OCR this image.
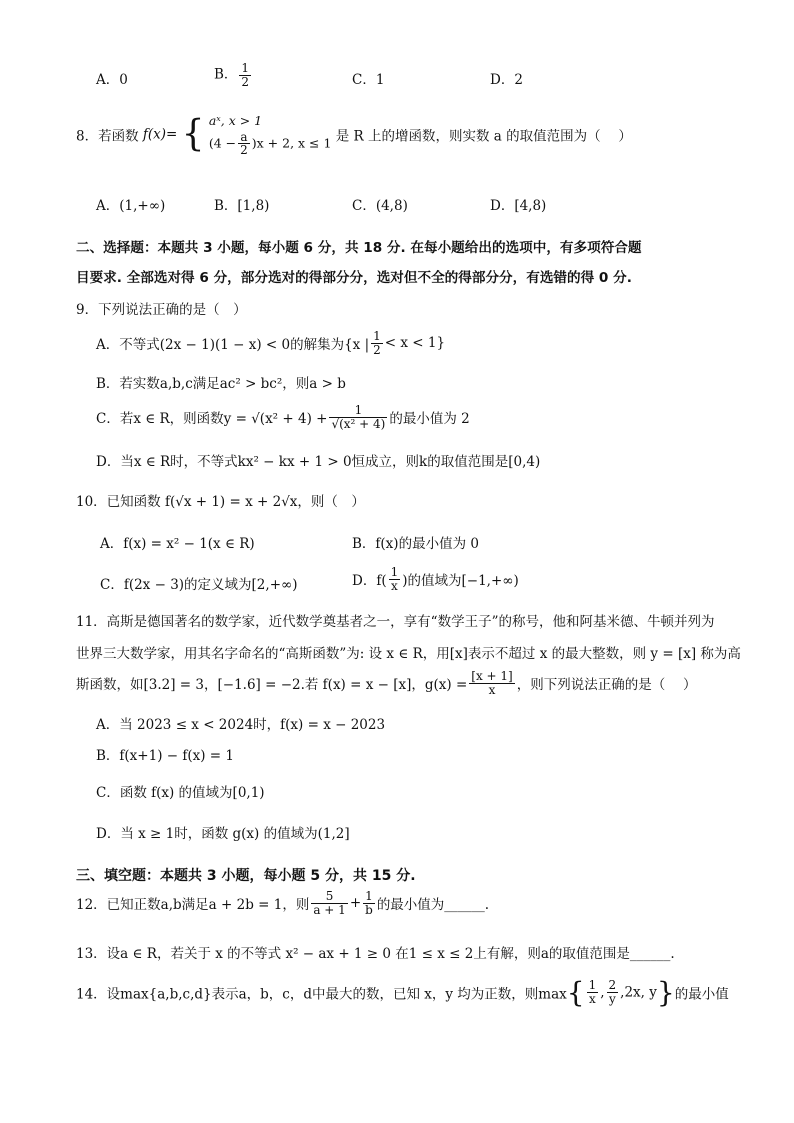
A．0	B． $\frac{1}{2}$	C．1	D．2
8．若函数 f(x)= { aˣ, x > 1
$(4 - \frac{a}{2} )x + 2$, x ≤ 1 是 R 上的增函数，则实数 a 的取值范围为（　 ）
A．(1,+∞)	B．[1,8)	C．(4,8)	D．[4,8)
二、选择题：本题共 3 小题，每小题 6 分，共 18 分. 在每小题给出的选项中，有多项符合题
目要求. 全部选对得 6 分，部分选对的得部分分，选对但不全的得部分分，有选错的得 0 分.
9．下列说法正确的是（　）
A．不等式(2x − 1)(1 − x) < 0的解集为{x | $\frac{1}{2} < x < 1$}
B．若实数a,b,c满足ac² > bc²，则a > b
C．若x ∈ R，则函数$y = √(x^2 + 4) + \frac{1}{\text{√(x² + 4)}}$ 的最小值为 2
D．当x ∈ R时，不等式kx² − kx + 1 > 0恒成立，则k的取值范围是[0,4)
10．已知函数 f(√x + 1) = x + 2√x，则（　）
A．f(x) = x² − 1(x ∈ R)	B．f(x)的最小值为 0
C．f(2x − 3)的定义域为[2,+∞)	D．$f( \frac{1}{x}$ )的值域为[−1,+∞)
11．高斯是德国著名的数学家，近代数学奠基者之一，享有“数学王子”的称号，他和阿基米德、牛顿并列为
世界三大数学家，用其名字命名的“高斯函数”为: 设 x ∈ R，用[x]表示不超过 x 的最大整数，则 y = [x] 称为高
斯函数，如[3.2] = 3，[−1.6] = −2.若 f(x) = x − [x]，$g(x) = \frac{[x + 1]}{x}$ ，则下列说法正确的是（　 ）
A．当 2023 ≤ x < 2024时，f(x) = x − 2023
B．f(x+1) − f(x) = 1
C．函数 f(x) 的值域为[0,1)
D．当 x ≥ 1时，函数 g(x) 的值域为(1,2]
三、填空题：本题共 3 小题，每小题 5 分，共 15 分.
12．已知正数a,b满足a + 2b = 1，则 $\frac{5}{a + 1} + \frac{1}{b}$ 的最小值为______.
13．设a ∈ R，若关于 x 的不等式 x² − ax + 1 ≥ 0 在1 ≤ x ≤ 2上有解，则a的取值范围是______.
14．设max{a,b,c,d}表示a，b，c，d中最大的数，已知 x，y 均为正数，则$\max\{ \frac{1}{x}$ , $\frac{2}{y} ,2x$, y}的最小值
